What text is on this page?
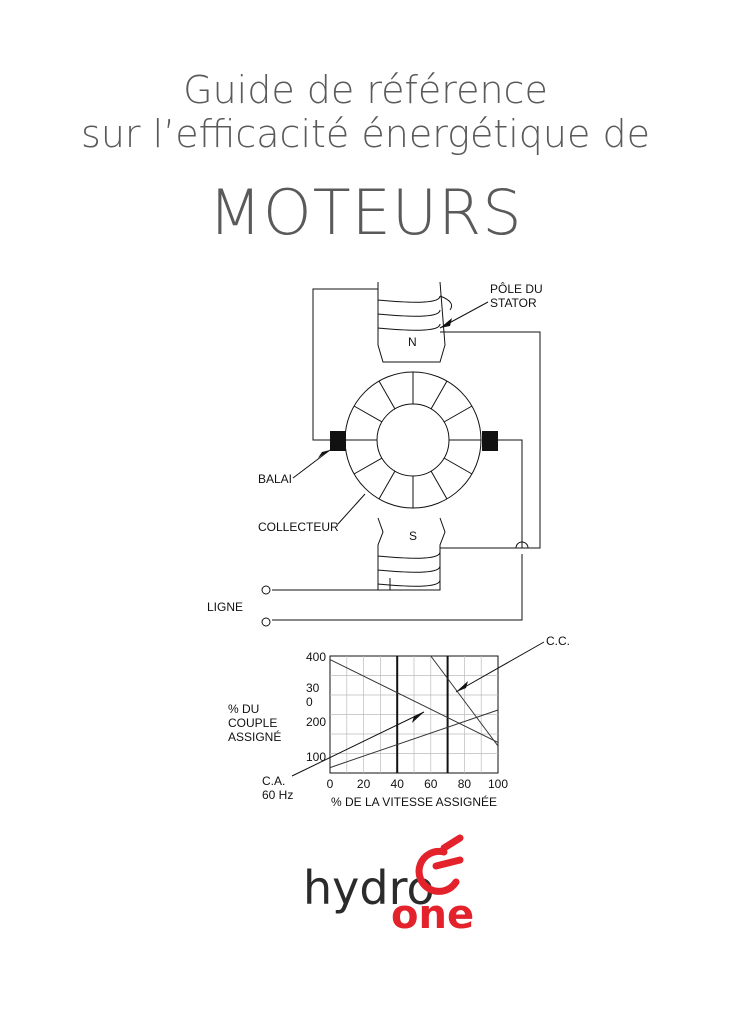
Guide de référence
sur l’efficacité énergétique de
MOTEURS
PÔLE DU
STATOR
N
S
BALAI
COLLECTEUR
LIGNE
0 20 40 60 80 100
100
200
30
0
400
% DE LA VITESSE ASSIGNÉE
% DU
COUPLE
ASSIGNÉ
C.C.
C.A.
60 Hz
hydro
one
